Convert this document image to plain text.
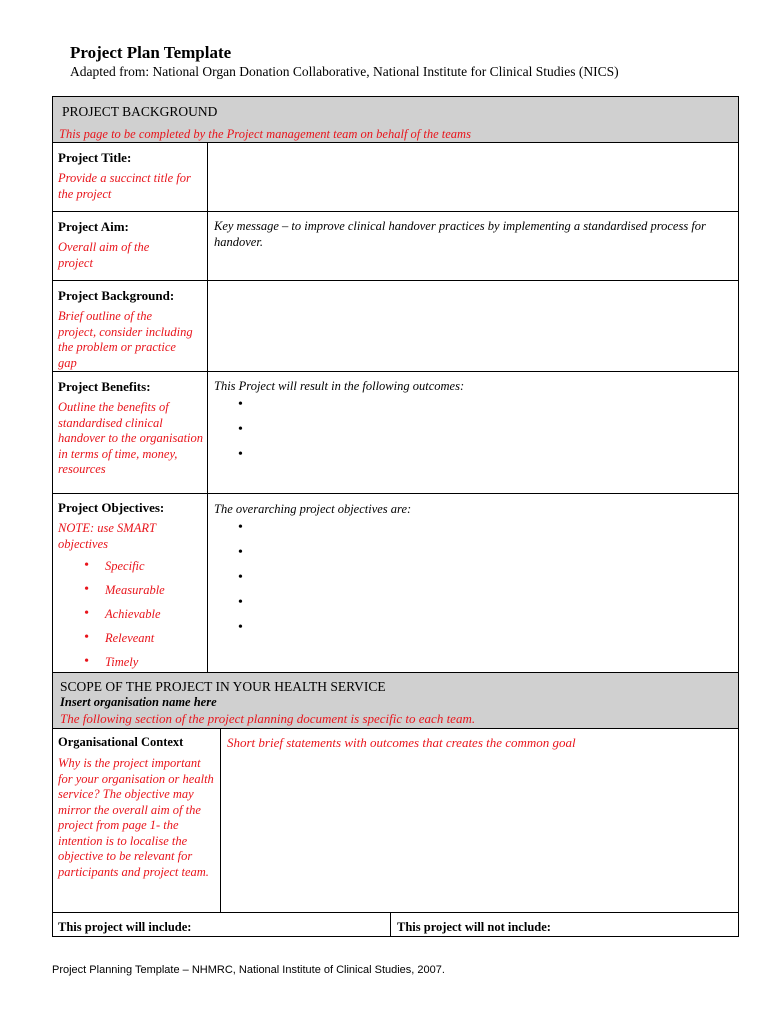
Project Plan Template
Adapted from: National Organ Donation Collaborative, National Institute for Clinical Studies (NICS)
PROJECT BACKGROUND
This page to be completed by the Project management team on behalf of the teams
Project Title:
Provide a succinct title for the project
Project Aim:
Overall aim of the project
Key message – to improve clinical handover practices by implementing a standardised process for handover.
Project Background:
Brief outline of the project, consider including the problem or practice gap
Project Benefits:
Outline the benefits of standardised clinical handover to the organisation in terms of time, money, resources
This Project will result in the following outcomes:
•
•
•
Project Objectives:
NOTE: use SMART objectives
• Specific
• Measurable
• Achievable
• Releveant
• Timely
The overarching project objectives are:
•
•
•
•
•
SCOPE OF THE PROJECT IN YOUR HEALTH SERVICE
Insert organisation name here
The following section of the project planning document is specific to each team.
Organisational Context
Why is the project important for your organisation or health service? The objective may mirror the overall aim of the project from page 1- the intention is to localise the objective to be relevant for participants and project team.
Short brief statements with outcomes that creates the common goal
This project will include:	This project will not include:
Project Planning Template – NHMRC, National Institute of Clinical Studies, 2007.
